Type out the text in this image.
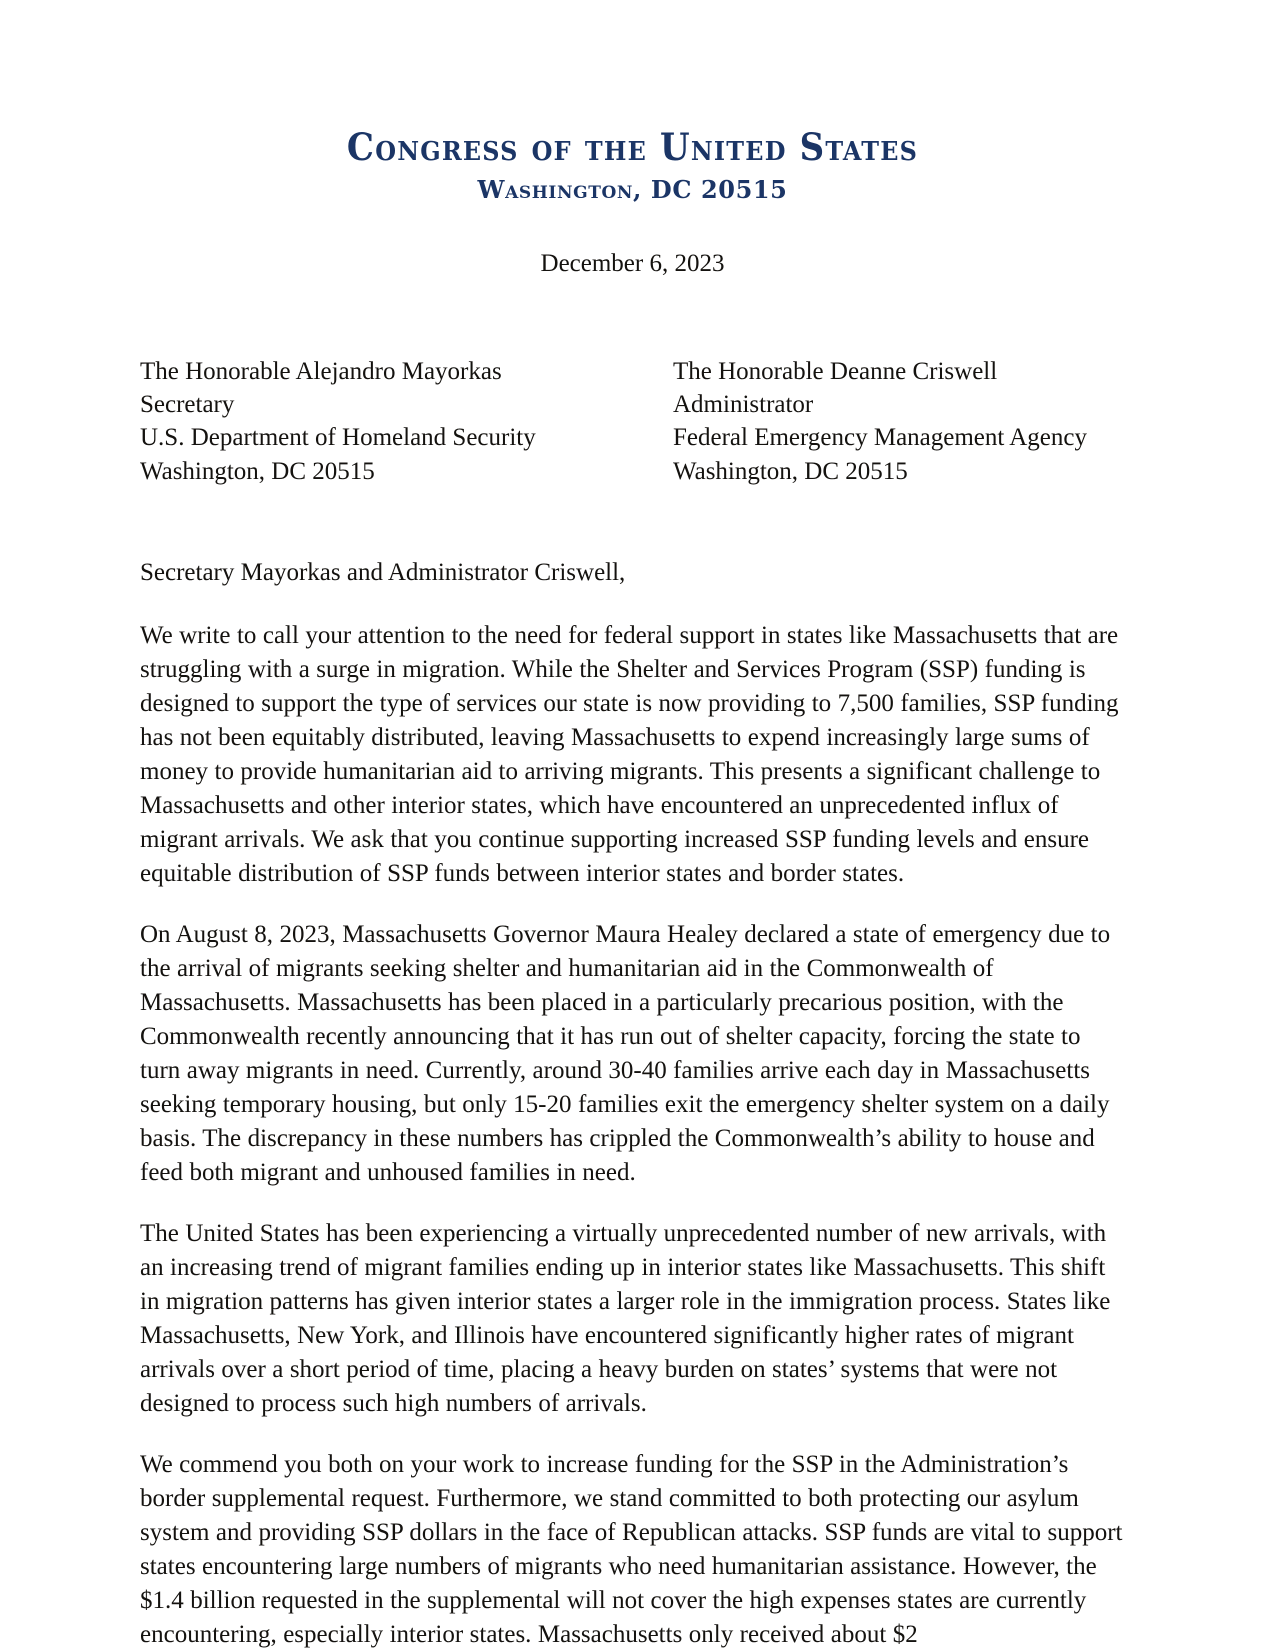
Congress of the United States
Washington, DC 20515
December 6, 2023
The Honorable Alejandro Mayorkas
Secretary
U.S. Department of Homeland Security
Washington, DC 20515
The Honorable Deanne Criswell
Administrator
Federal Emergency Management Agency
Washington, DC 20515
Secretary Mayorkas and Administrator Criswell,

We write to call your attention to the need for federal support in states like Massachusetts that are struggling with a surge in migration. While the Shelter and Services Program (SSP) funding is designed to support the type of services our state is now providing to 7,500 families, SSP funding has not been equitably distributed, leaving Massachusetts to expend increasingly large sums of money to provide humanitarian aid to arriving migrants. This presents a significant challenge to Massachusetts and other interior states, which have encountered an unprecedented influx of migrant arrivals. We ask that you continue supporting increased SSP funding levels and ensure equitable distribution of SSP funds between interior states and border states.

On August 8, 2023, Massachusetts Governor Maura Healey declared a state of emergency due to the arrival of migrants seeking shelter and humanitarian aid in the Commonwealth of Massachusetts. Massachusetts has been placed in a particularly precarious position, with the Commonwealth recently announcing that it has run out of shelter capacity, forcing the state to turn away migrants in need. Currently, around 30-40 families arrive each day in Massachusetts seeking temporary housing, but only 15-20 families exit the emergency shelter system on a daily basis. The discrepancy in these numbers has crippled the Commonwealth’s ability to house and feed both migrant and unhoused families in need.

The United States has been experiencing a virtually unprecedented number of new arrivals, with an increasing trend of migrant families ending up in interior states like Massachusetts. This shift in migration patterns has given interior states a larger role in the immigration process. States like Massachusetts, New York, and Illinois have encountered significantly higher rates of migrant arrivals over a short period of time, placing a heavy burden on states’ systems that were not designed to process such high numbers of arrivals.

We commend you both on your work to increase funding for the SSP in the Administration’s border supplemental request. Furthermore, we stand committed to both protecting our asylum system and providing SSP dollars in the face of Republican attacks. SSP funds are vital to support states encountering large numbers of migrants who need humanitarian assistance. However, the $1.4 billion requested in the supplemental will not cover the high expenses states are currently encountering, especially interior states. Massachusetts only received about $2
